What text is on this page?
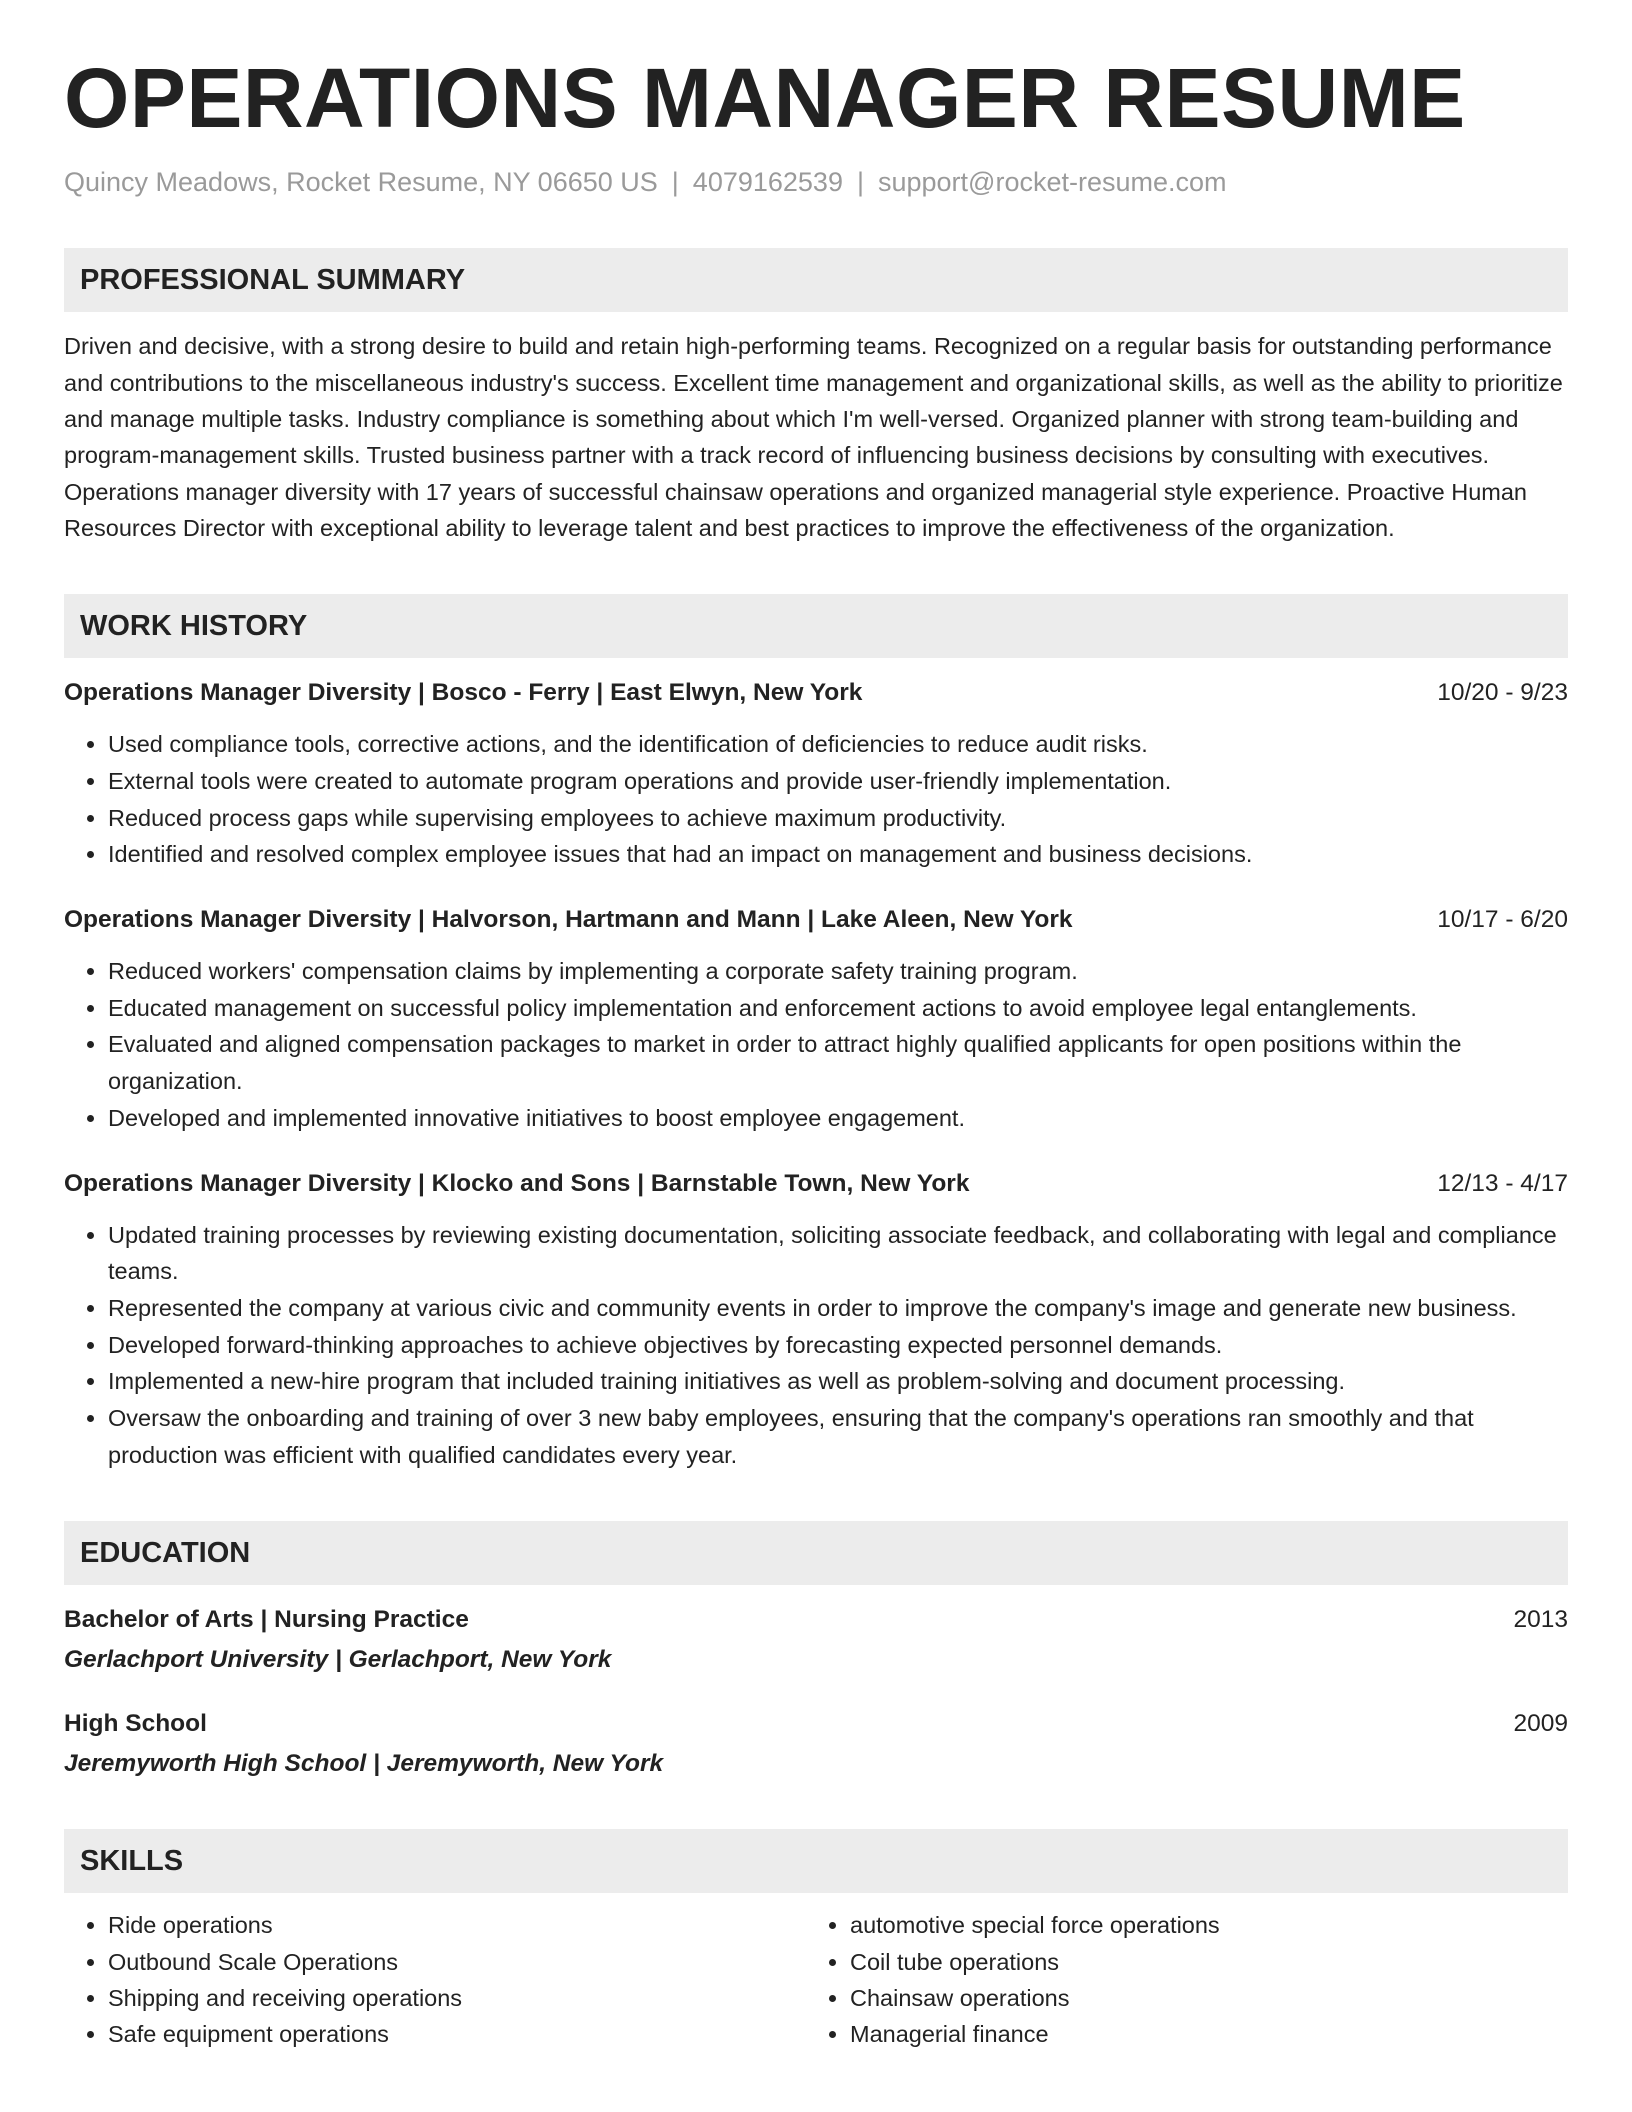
OPERATIONS MANAGER RESUME
Quincy Meadows, Rocket Resume, NY 06650 US | 4079162539 | support@rocket-resume.com
PROFESSIONAL SUMMARY

Driven and decisive, with a strong desire to build and retain high-performing teams. Recognized on a regular basis for outstanding performance and contributions to the miscellaneous industry's success. Excellent time management and organizational skills, as well as the ability to prioritize and manage multiple tasks. Industry compliance is something about which I'm well-versed. Organized planner with strong team-building and program-management skills. Trusted business partner with a track record of influencing business decisions by consulting with executives. Operations manager diversity with 17 years of successful chainsaw operations and organized managerial style experience. Proactive Human Resources Director with exceptional ability to leverage talent and best practices to improve the effectiveness of the organization.

WORK HISTORY
Operations Manager Diversity | Bosco - Ferry | East Elwyn, New York	10/20 - 9/23
• Used compliance tools, corrective actions, and the identification of deficiencies to reduce audit risks.
• External tools were created to automate program operations and provide user-friendly implementation.
• Reduced process gaps while supervising employees to achieve maximum productivity.
• Identified and resolved complex employee issues that had an impact on management and business decisions.
Operations Manager Diversity | Halvorson, Hartmann and Mann | Lake Aleen, New York	10/17 - 6/20
• Reduced workers' compensation claims by implementing a corporate safety training program.
• Educated management on successful policy implementation and enforcement actions to avoid employee legal entanglements.
• Evaluated and aligned compensation packages to market in order to attract highly qualified applicants for open positions within the organization.
• Developed and implemented innovative initiatives to boost employee engagement.
Operations Manager Diversity | Klocko and Sons | Barnstable Town, New York	12/13 - 4/17
• Updated training processes by reviewing existing documentation, soliciting associate feedback, and collaborating with legal and compliance teams.
• Represented the company at various civic and community events in order to improve the company's image and generate new business.
• Developed forward-thinking approaches to achieve objectives by forecasting expected personnel demands.
• Implemented a new-hire program that included training initiatives as well as problem-solving and document processing.
• Oversaw the onboarding and training of over 3 new baby employees, ensuring that the company's operations ran smoothly and that production was efficient with qualified candidates every year.
EDUCATION
Bachelor of Arts | Nursing Practice	2013
Gerlachport University | Gerlachport, New York
High School	2009
Jeremyworth High School | Jeremyworth, New York
SKILLS
• Ride operations
• Outbound Scale Operations
• Shipping and receiving operations
• Safe equipment operations
• automotive special force operations
• Coil tube operations
• Chainsaw operations
• Managerial finance
